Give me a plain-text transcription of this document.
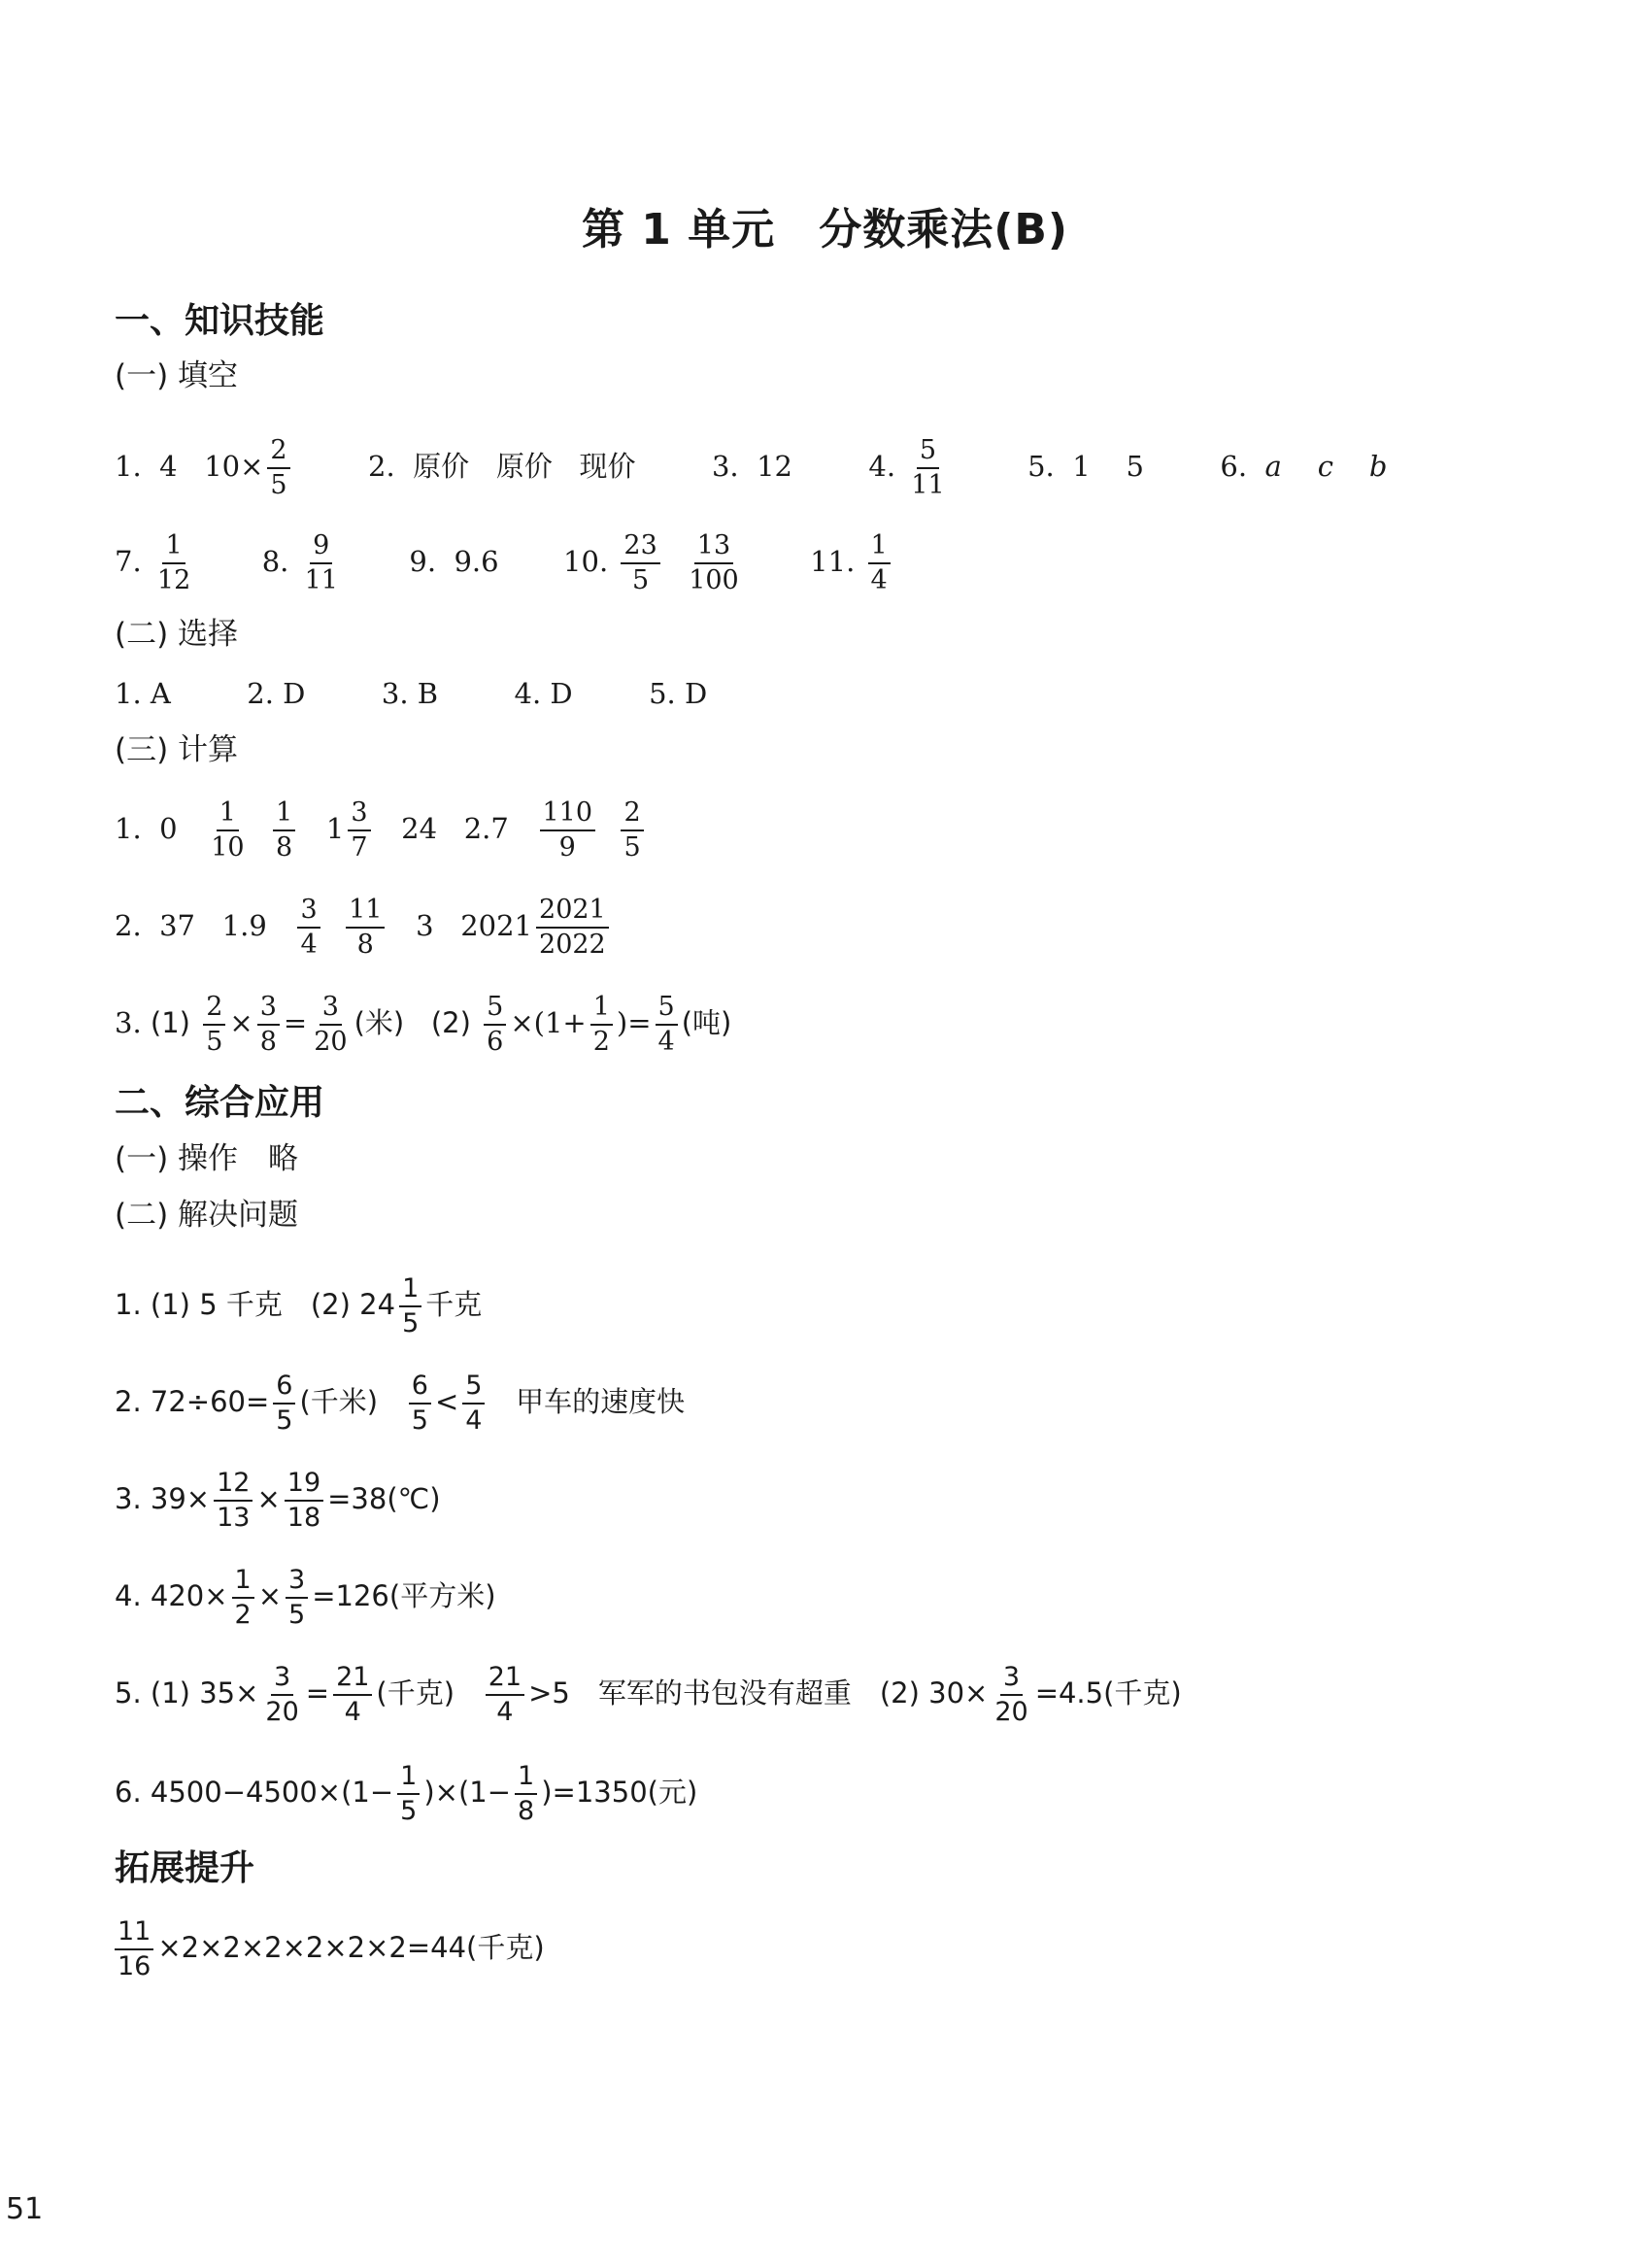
第 1 单元　分数乘法(B)
一、知识技能
(一) 填空
1. 4 $10\times \frac{2}{5}$	2. 原价 原价 现价	3. 12	4. $\frac{5}{11}$	5. 1 5	6. a c b
7. $\frac{1}{12} 8$. $\frac{9}{11} 9$. 9.6 10. $\frac{23}{5}$
$\frac{13}{100} 11$. $\frac{1}{4}$
(二) 选择
1. A	2. D	3. B	4. D	5. D
(三) 计算
1. $0 \frac{1}{10}$
$\frac{1}{8} 1 \frac{3}{7} 24$ $2.7 \frac{110}{9}$
$\frac{2}{5}$
2. 37 $1.9 \frac{3}{4}$
$\frac{11}{8} 3$ $2021 \frac{2021}{2022}$
3. $(1) \frac{2}{5} \times \frac{3}{8} = \frac{3}{20}$ (米) $(2) \frac{5}{6} \times(1+ \frac{1}{2}$ )= $\frac{5}{4}$ (吨)
二、综合应用
(一) 操作　略
(二) 解决问题
1. (1) 5 千克　(2) $24 \frac{1}{5}$ 千克
2. $72\div 60= \frac{6}{5}$ (千米) $\frac{6}{5} < \frac{5}{4}$ 甲车的速度快
3. $39\times \frac{12}{13} \times \frac{19}{18}$ =38(℃)
4. $420\times \frac{1}{2} \times \frac{3}{5} =126$(平方米)
5. (1) $35\times \frac{3}{20} = \frac{21}{4}$ (千克) $\frac{21}{4} >5$　军军的书包没有超重　(2) $30\times \frac{3}{20} =4.5$(千克)
6. $4500-4500\times(1- \frac{1}{5} )\times(1- \frac{1}{8} )=1350$(元)
拓展提升
$\frac{11}{16} \times 2\times 2\times 2\times 2\times 2\times 2=44$(千克)
51
